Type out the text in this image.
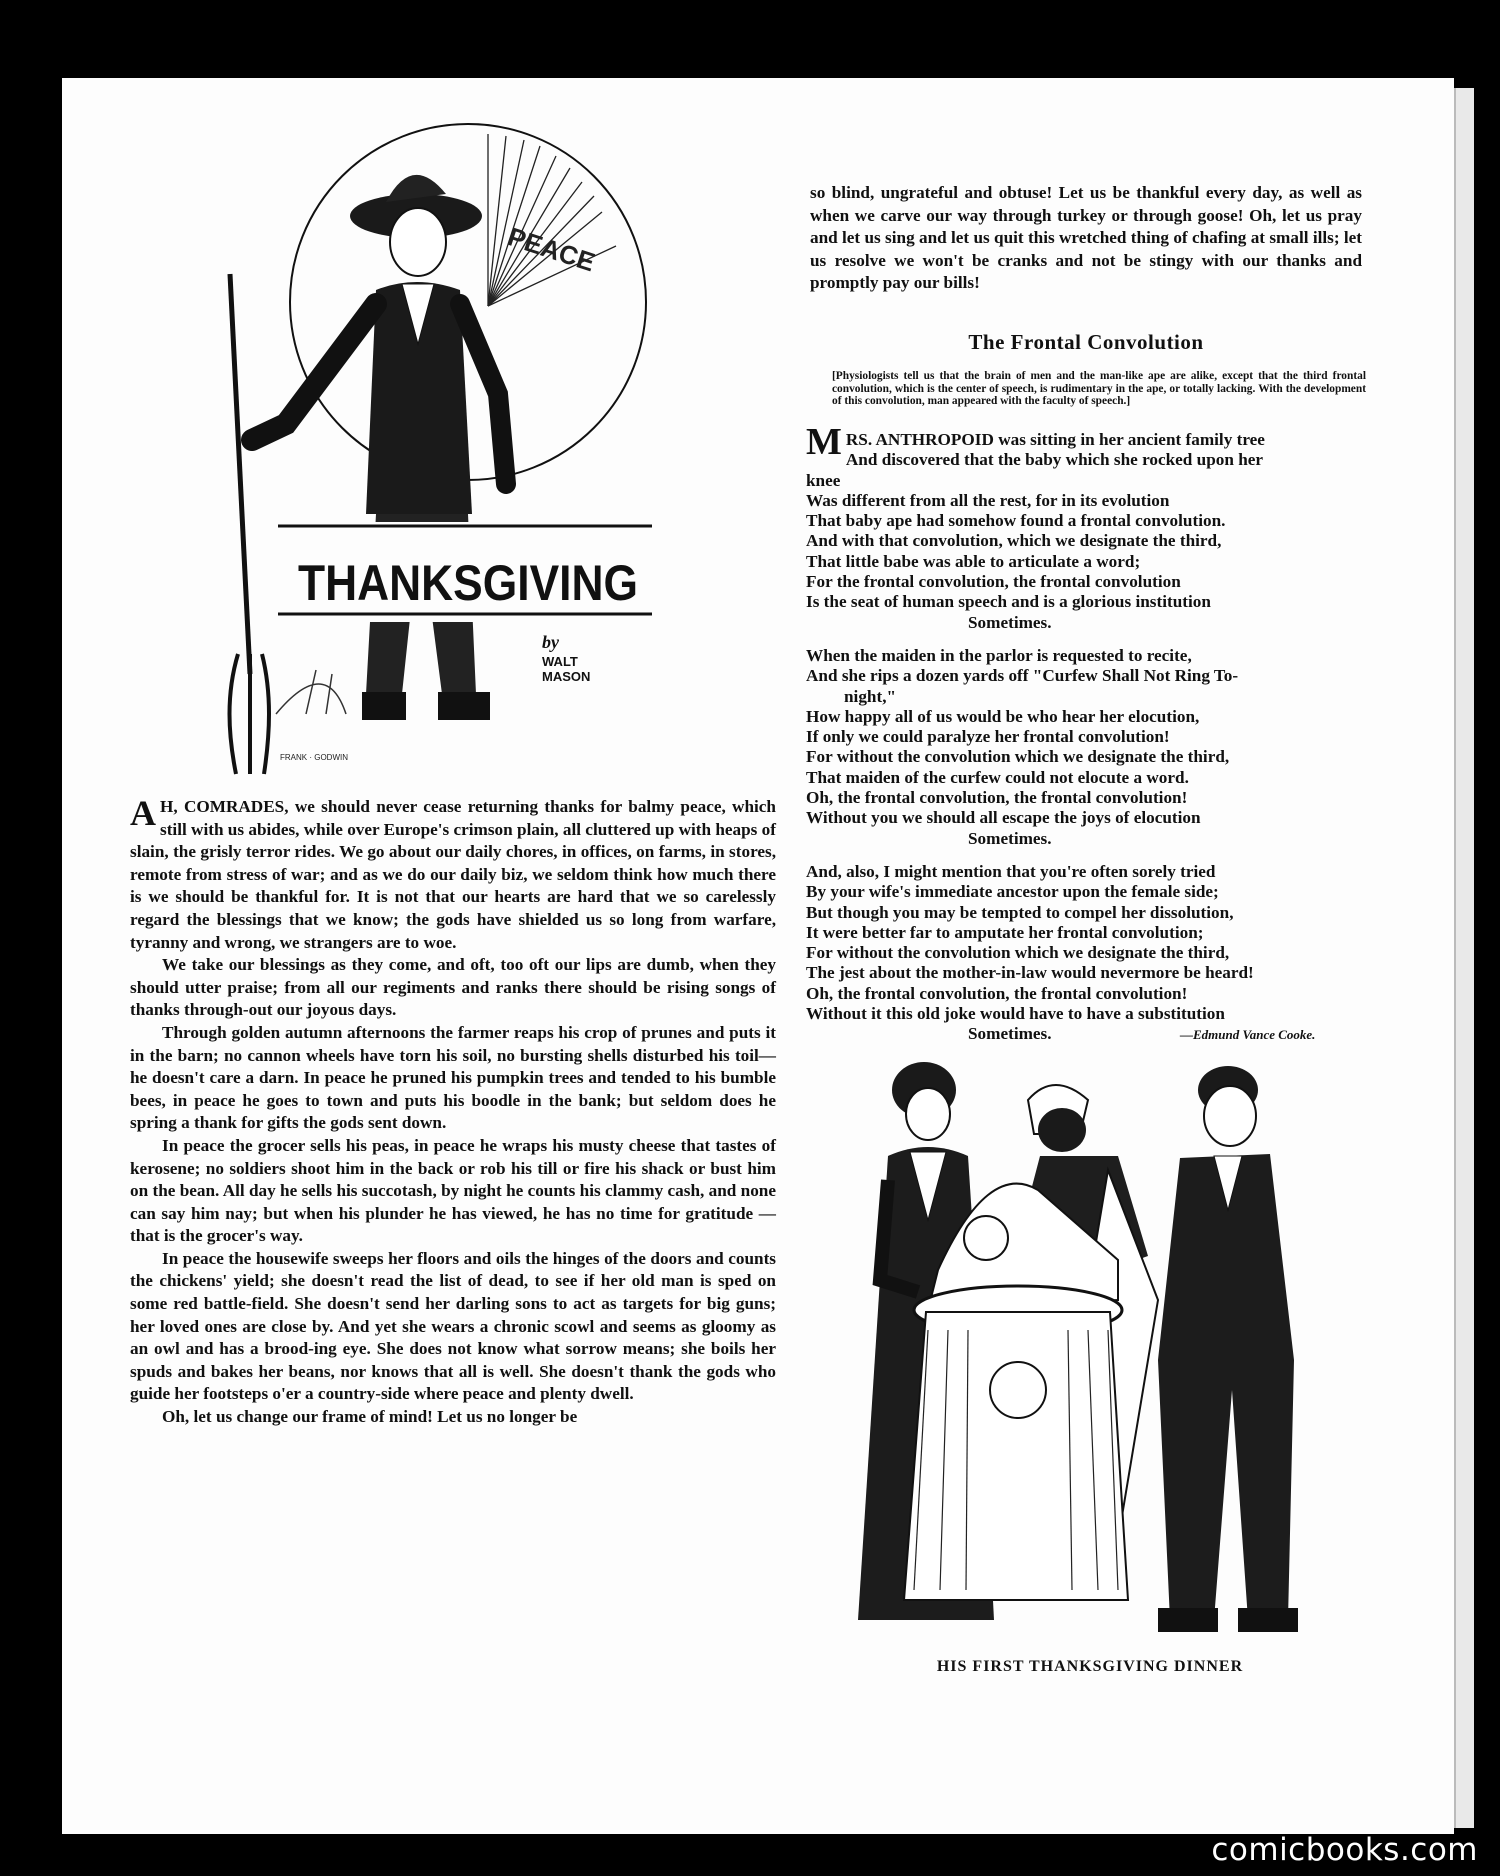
PEACE
THANKSGIVING
by
WALT
MASON
FRANK · GODWIN

A H, COMRADES, we should never cease returning thanks for balmy peace, which still with us abides, while over Europe's crimson plain, all cluttered up with heaps of slain, the grisly terror rides. We go about our daily chores, in offices, on farms, in stores, remote from stress of war; and as we do our daily biz, we seldom think how much there is we should be thankful for. It is not that our hearts are hard that we so carelessly regard the blessings that we know; the gods have shielded us so long from warfare, tyranny and wrong, we strangers are to woe.

We take our blessings as they come, and oft, too oft our lips are dumb, when they should utter praise; from all our regiments and ranks there should be rising songs of thanks through-out our joyous days.

Through golden autumn afternoons the farmer reaps his crop of prunes and puts it in the barn; no cannon wheels have torn his soil, no bursting shells disturbed his toil—he doesn't care a darn. In peace he pruned his pumpkin trees and tended to his bumble bees, in peace he goes to town and puts his boodle in the bank; but seldom does he spring a thank for gifts the gods sent down.

In peace the grocer sells his peas, in peace he wraps his musty cheese that tastes of kerosene; no soldiers shoot him in the back or rob his till or fire his shack or bust him on the bean. All day he sells his succotash, by night he counts his clammy cash, and none can say him nay; but when his plunder he has viewed, he has no time for gratitude —that is the grocer's way.

In peace the housewife sweeps her floors and oils the hinges of the doors and counts the chickens' yield; she doesn't read the list of dead, to see if her old man is sped on some red battle-field. She doesn't send her darling sons to act as targets for big guns; her loved ones are close by. And yet she wears a chronic scowl and seems as gloomy as an owl and has a brood-ing eye. She does not know what sorrow means; she boils her spuds and bakes her beans, nor knows that all is well. She doesn't thank the gods who guide her footsteps o'er a country-side where peace and plenty dwell.

Oh, let us change our frame of mind! Let us no longer be

so blind, ungrateful and obtuse! Let us be thankful every day, as well as when we carve our way through turkey or through goose! Oh, let us pray and let us sing and let us quit this wretched thing of chafing at small ills; let us resolve we won't be cranks and not be stingy with our thanks and promptly pay our bills!

The Frontal Convolution
[Physiologists tell us that the brain of men and the man-like ape are alike, except that the third frontal convolution, which is the center of speech, is rudimentary in the ape, or totally lacking. With the development of this convolution, man appeared with the faculty of speech.]
MRS. ANTHROPOID was sitting in her ancient family tree
And discovered that the baby which she rocked upon her
knee
Was different from all the rest, for in its evolution
That baby ape had somehow found a frontal convolution.
And with that convolution, which we designate the third,
That little babe was able to articulate a word;
For the frontal convolution, the frontal convolution
Is the seat of human speech and is a glorious institution
Sometimes.
When the maiden in the parlor is requested to recite,
And she rips a dozen yards off "Curfew Shall Not Ring To-
night,"
How happy all of us would be who hear her elocution,
If only we could paralyze her frontal convolution!
For without the convolution which we designate the third,
That maiden of the curfew could not elocute a word.
Oh, the frontal convolution, the frontal convolution!
Without you we should all escape the joys of elocution
Sometimes.
And, also, I might mention that you're often sorely tried
By your wife's immediate ancestor upon the female side;
But though you may be tempted to compel her dissolution,
It were better far to amputate her frontal convolution;
For without the convolution which we designate the third,
The jest about the mother-in-law would nevermore be heard!
Oh, the frontal convolution, the frontal convolution!
Without it this old joke would have to have a substitution
Sometimes.	—Edmund Vance Cooke.
HIS FIRST THANKSGIVING DINNER
comicbooks.com
